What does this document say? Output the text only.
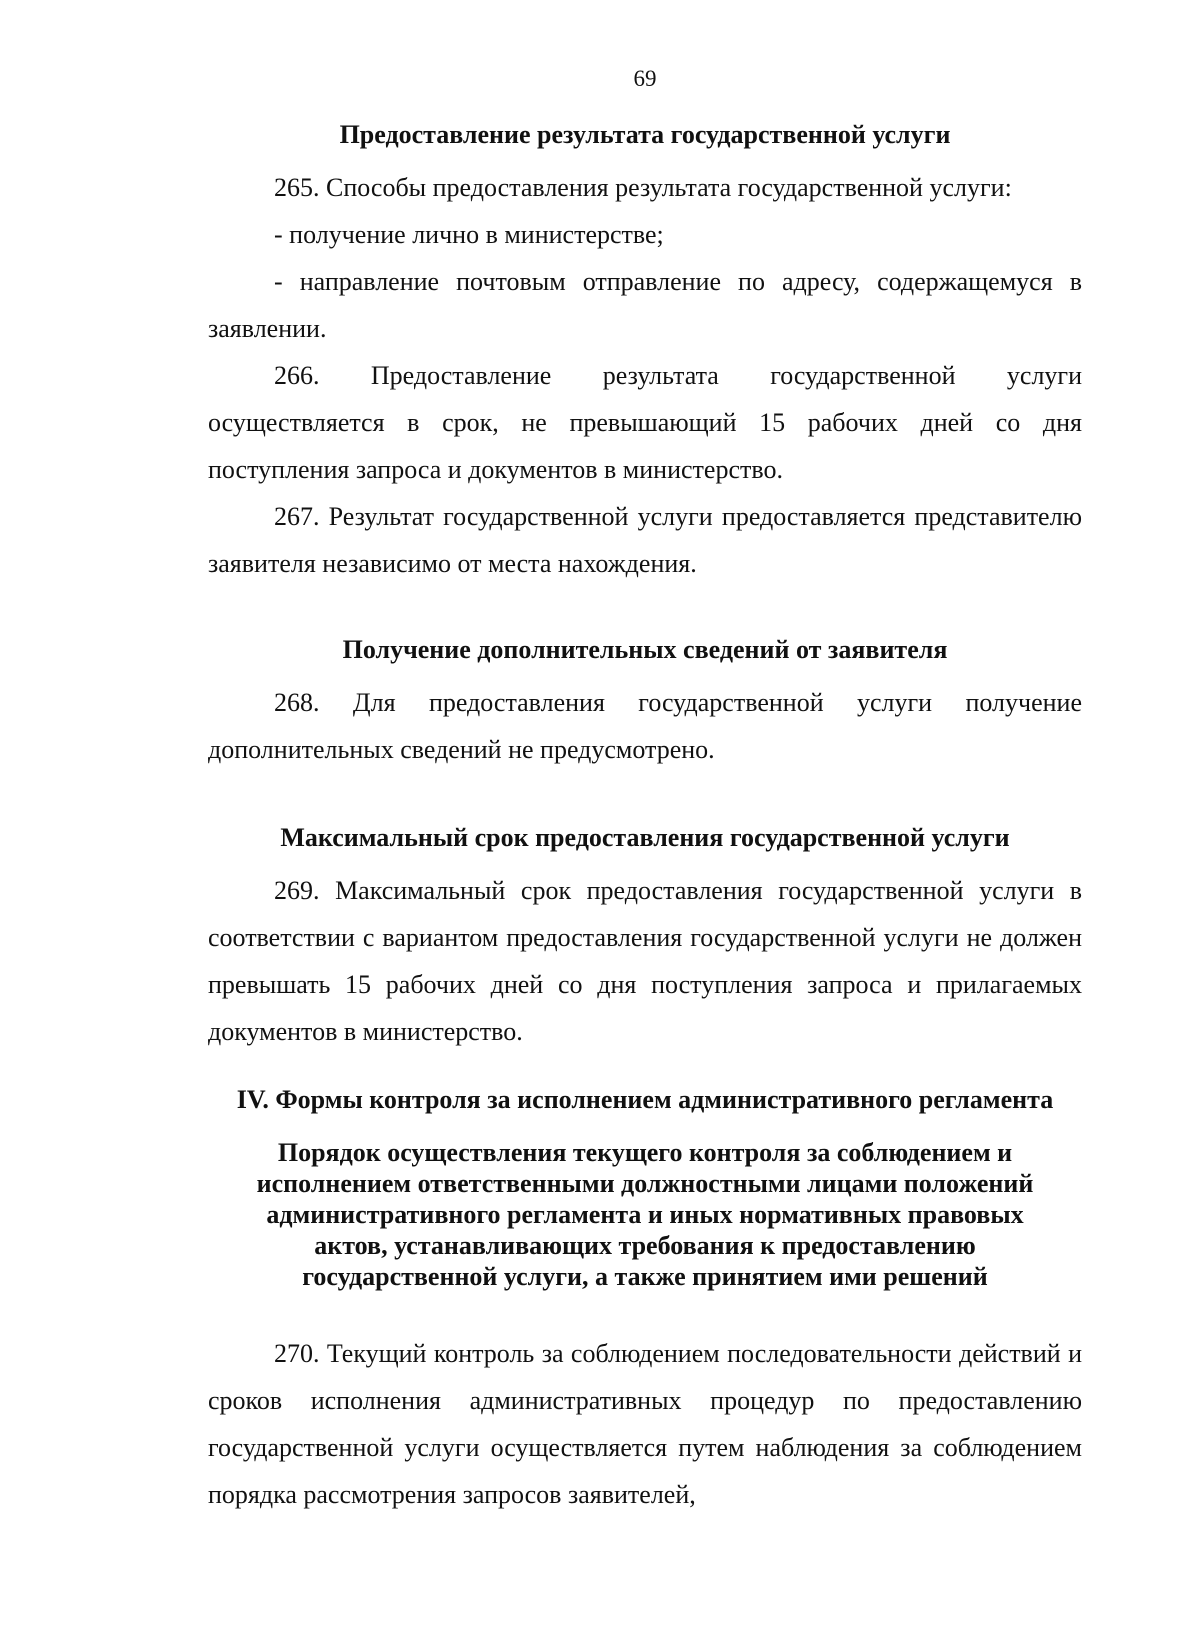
69

Предоставление результата государственной услуги

265. Способы предоставления результата государственной услуги:

- получение лично в министерстве;

- направление почтовым отправление по адресу, содержащемуся в заявлении.

266. Предоставление результата государственной услуги осуществляется в срок, не превышающий 15 рабочих дней со дня поступления запроса и документов в министерство.

267. Результат государственной услуги предоставляется представителю заявителя независимо от места нахождения.

Получение дополнительных сведений от заявителя

268. Для предоставления государственной услуги получение дополнительных сведений не предусмотрено.

Максимальный срок предоставления государственной услуги

269. Максимальный срок предоставления государственной услуги в соответствии с вариантом предоставления государственной услуги не должен превышать 15 рабочих дней со дня поступления запроса и прилагаемых документов в министерство.

IV. Формы контроля за исполнением административного регламента

Порядок осуществления текущего контроля за соблюдением и исполнением ответственными должностными лицами положений административного регламента и иных нормативных правовых актов, устанавливающих требования к предоставлению государственной услуги, а также принятием ими решений

270. Текущий контроль за соблюдением последовательности действий и сроков исполнения административных процедур по предоставлению государственной услуги осуществляется путем наблюдения за соблюдением порядка рассмотрения запросов заявителей,
